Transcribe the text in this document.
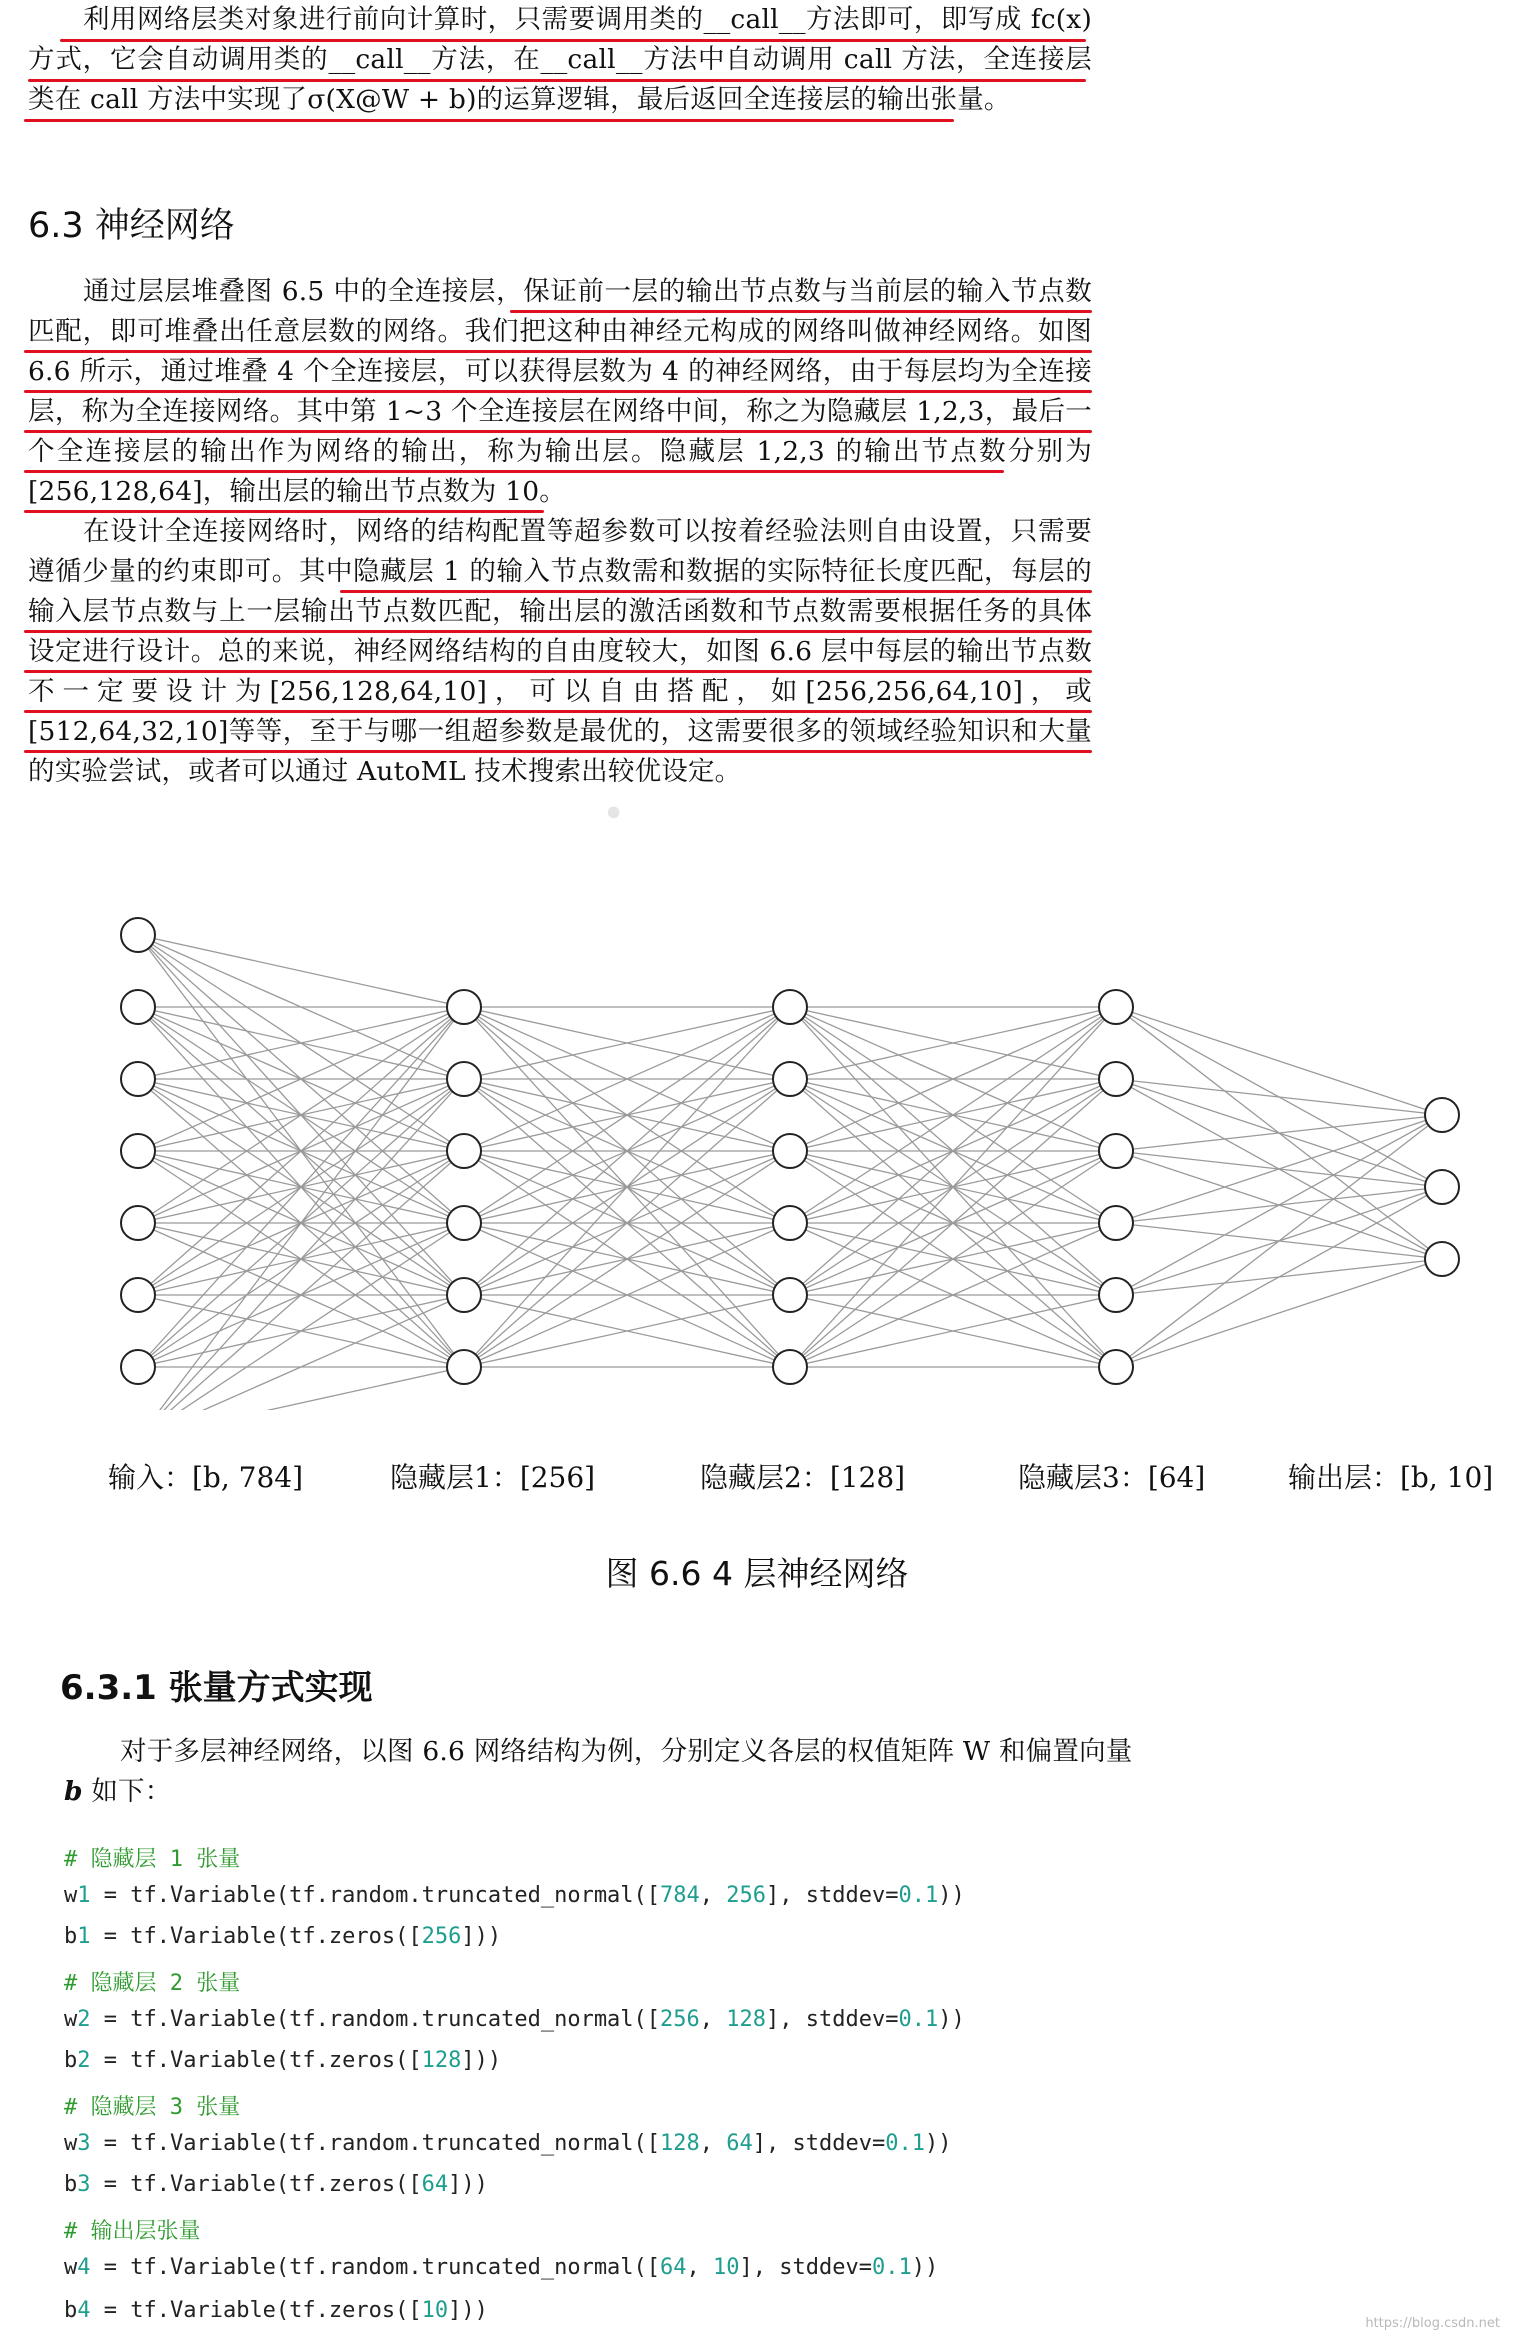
·

利用网络层类对象进行前向计算时，只需要调用类的__call__方法即可，即写成 fc(x)方式，它会自动调用类的__call__方法，在__call__方法中自动调用 call 方法，全连接层类在 call 方法中实现了σ(X@W + b)的运算逻辑，最后返回全连接层的输出张量。

6.3 神经网络

通过层层堆叠图 6.5 中的全连接层，保证前一层的输出节点数与当前层的输入节点数匹配，即可堆叠出任意层数的网络。我们把这种由神经元构成的网络叫做神经网络。如图 6.6 所示，通过堆叠 4 个全连接层，可以获得层数为 4 的神经网络，由于每层均为全连接层，称为全连接网络。其中第 1~3 个全连接层在网络中间，称之为隐藏层 1,2,3，最后一个全连接层的输出作为网络的输出，称为输出层。隐藏层 1,2,3 的输出节点数分别为[256,128,64]，输出层的输出节点数为 10。

在设计全连接网络时，网络的结构配置等超参数可以按着经验法则自由设置，只需要遵循少量的约束即可。其中隐藏层 1 的输入节点数需和数据的实际特征长度匹配，每层的输入层节点数与上一层输出节点数匹配，输出层的激活函数和节点数需要根据任务的具体设定进行设计。总的来说，神经网络结构的自由度较大，如图 6.6 层中每层的输出节点数不一定要设计为[256,128,64,10]，可以自由搭配，如[256,256,64,10]，或[512,64,32,10]等等，至于与哪一组超参数是最优的，这需要很多的领域经验知识和大量的实验尝试，或者可以通过 AutoML 技术搜索出较优设定。

输入：[b, 784]	隐藏层1：[256]	隐藏层2：[128]	隐藏层3：[64]	输出层：[b, 10]
图 6.6 4 层神经网络
6.3.1 张量方式实现

对于多层神经网络，以图 6.6 网络结构为例，分别定义各层的权值矩阵 W 和偏置向量

b 如下：

# 隐藏层 1 张量
w1 = tf.Variable(tf.random.truncated_normal([784, 256], stddev=0.1))
b1 = tf.Variable(tf.zeros([256]))
# 隐藏层 2 张量
w2 = tf.Variable(tf.random.truncated_normal([256, 128], stddev=0.1))
b2 = tf.Variable(tf.zeros([128]))
# 隐藏层 3 张量
w3 = tf.Variable(tf.random.truncated_normal([128, 64], stddev=0.1))
b3 = tf.Variable(tf.zeros([64]))
# 输出层张量
w4 = tf.Variable(tf.random.truncated_normal([64, 10], stddev=0.1))
b4 = tf.Variable(tf.zeros([10]))
https://blog.csdn.net
